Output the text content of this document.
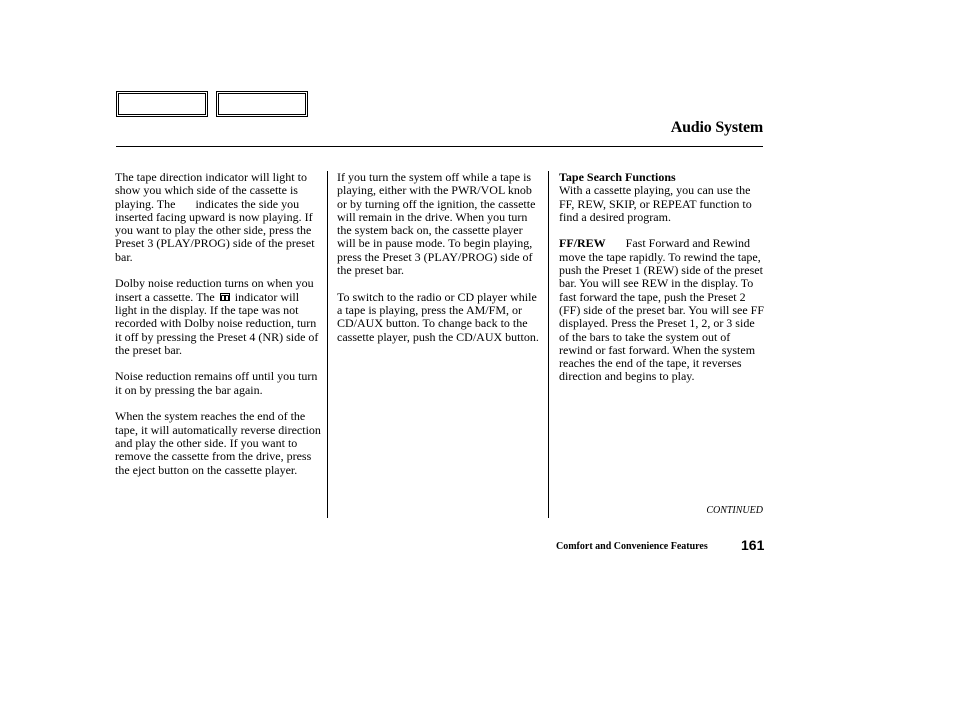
Audio System

The tape direction indicator will light to show you which side of the cassette is playing. The indicates the side you inserted facing upward is now playing. If you want to play the other side, press the Preset 3 (PLAY/PROG) side of the preset bar.

Dolby noise reduction turns on when you insert a cassette. The indicator will light in the display. If the tape was not recorded with Dolby noise reduction, turn it off by pressing the Preset 4 (NR) side of the preset bar.

Noise reduction remains off until you turn it on by pressing the bar again.

When the system reaches the end of the tape, it will automatically reverse direction and play the other side. If you want to remove the cassette from the drive, press the eject button on the cassette player.

If you turn the system off while a tape is playing, either with the PWR/VOL knob or by turning off the ignition, the cassette will remain in the drive. When you turn the system back on, the cassette player will be in pause mode. To begin playing, press the Preset 3 (PLAY/PROG) side of the preset bar.

To switch to the radio or CD player while a tape is playing, press the AM/FM, or CD/AUX button. To change back to the cassette player, push the CD/AUX button.

Tape Search Functions
With a cassette playing, you can use the FF, REW, SKIP, or REPEAT function to find a desired program.

FF/REW Fast Forward and Rewind move the tape rapidly. To rewind the tape, push the Preset 1 (REW) side of the preset bar. You will see REW in the display. To fast forward the tape, push the Preset 2 (FF) side of the preset bar. You will see FF displayed. Press the Preset 1, 2, or 3 side of the bars to take the system out of rewind or fast forward. When the system reaches the end of the tape, it reverses direction and begins to play.

CONTINUED
Comfort and Convenience Features 161
